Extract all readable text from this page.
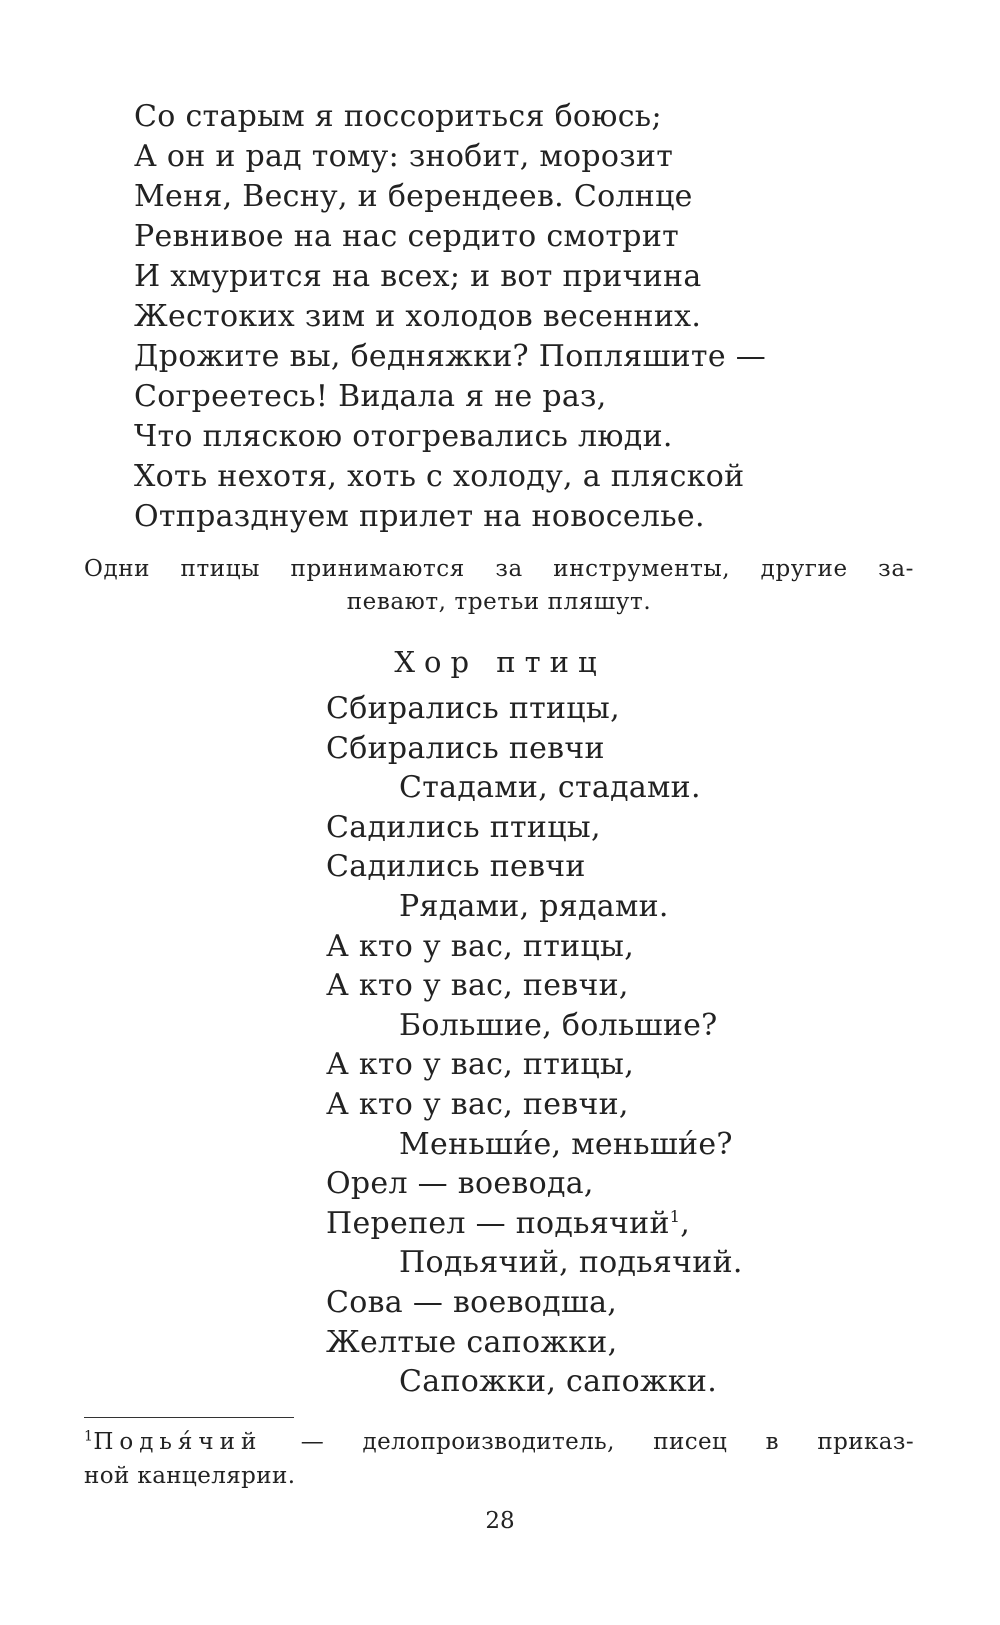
Со старым я поссориться боюсь;
А он и рад тому: знобит, морозит
Меня, Весну, и берендеев. Солнце
Ревнивое на нас сердито смотрит
И хмурится на всех; и вот причина
Жестоких зим и холодов весенних.
Дрожите вы, бедняжки? Попляшите —
Согреетесь! Видала я не раз,
Что пляскою отогревались люди.
Хоть нехотя, хоть с холоду, а пляской
Отпразднуем прилет на новоселье.
Одни птицы принимаются за инструменты, другие за-
певают, третьи пляшут.
Хор птиц
Сбирались птицы,
Сбирались певчи
Стадами, стадами.
Садились птицы,
Садились певчи
Рядами, рядами.
А кто у вас, птицы,
А кто у вас, певчи,
Большие, большие?
А кто у вас, птицы,
А кто у вас, певчи,
Меньши́е, меньши́е?
Орел — воевода,
Перепел — подьячий$^1$,
Подьячий, подьячий.
Сова — воеводша,
Желтые сапожки,
Сапожки, сапожки.
$^1$Подья́чий — делопроизводитель, писец в приказ-
ной канцелярии.
28
